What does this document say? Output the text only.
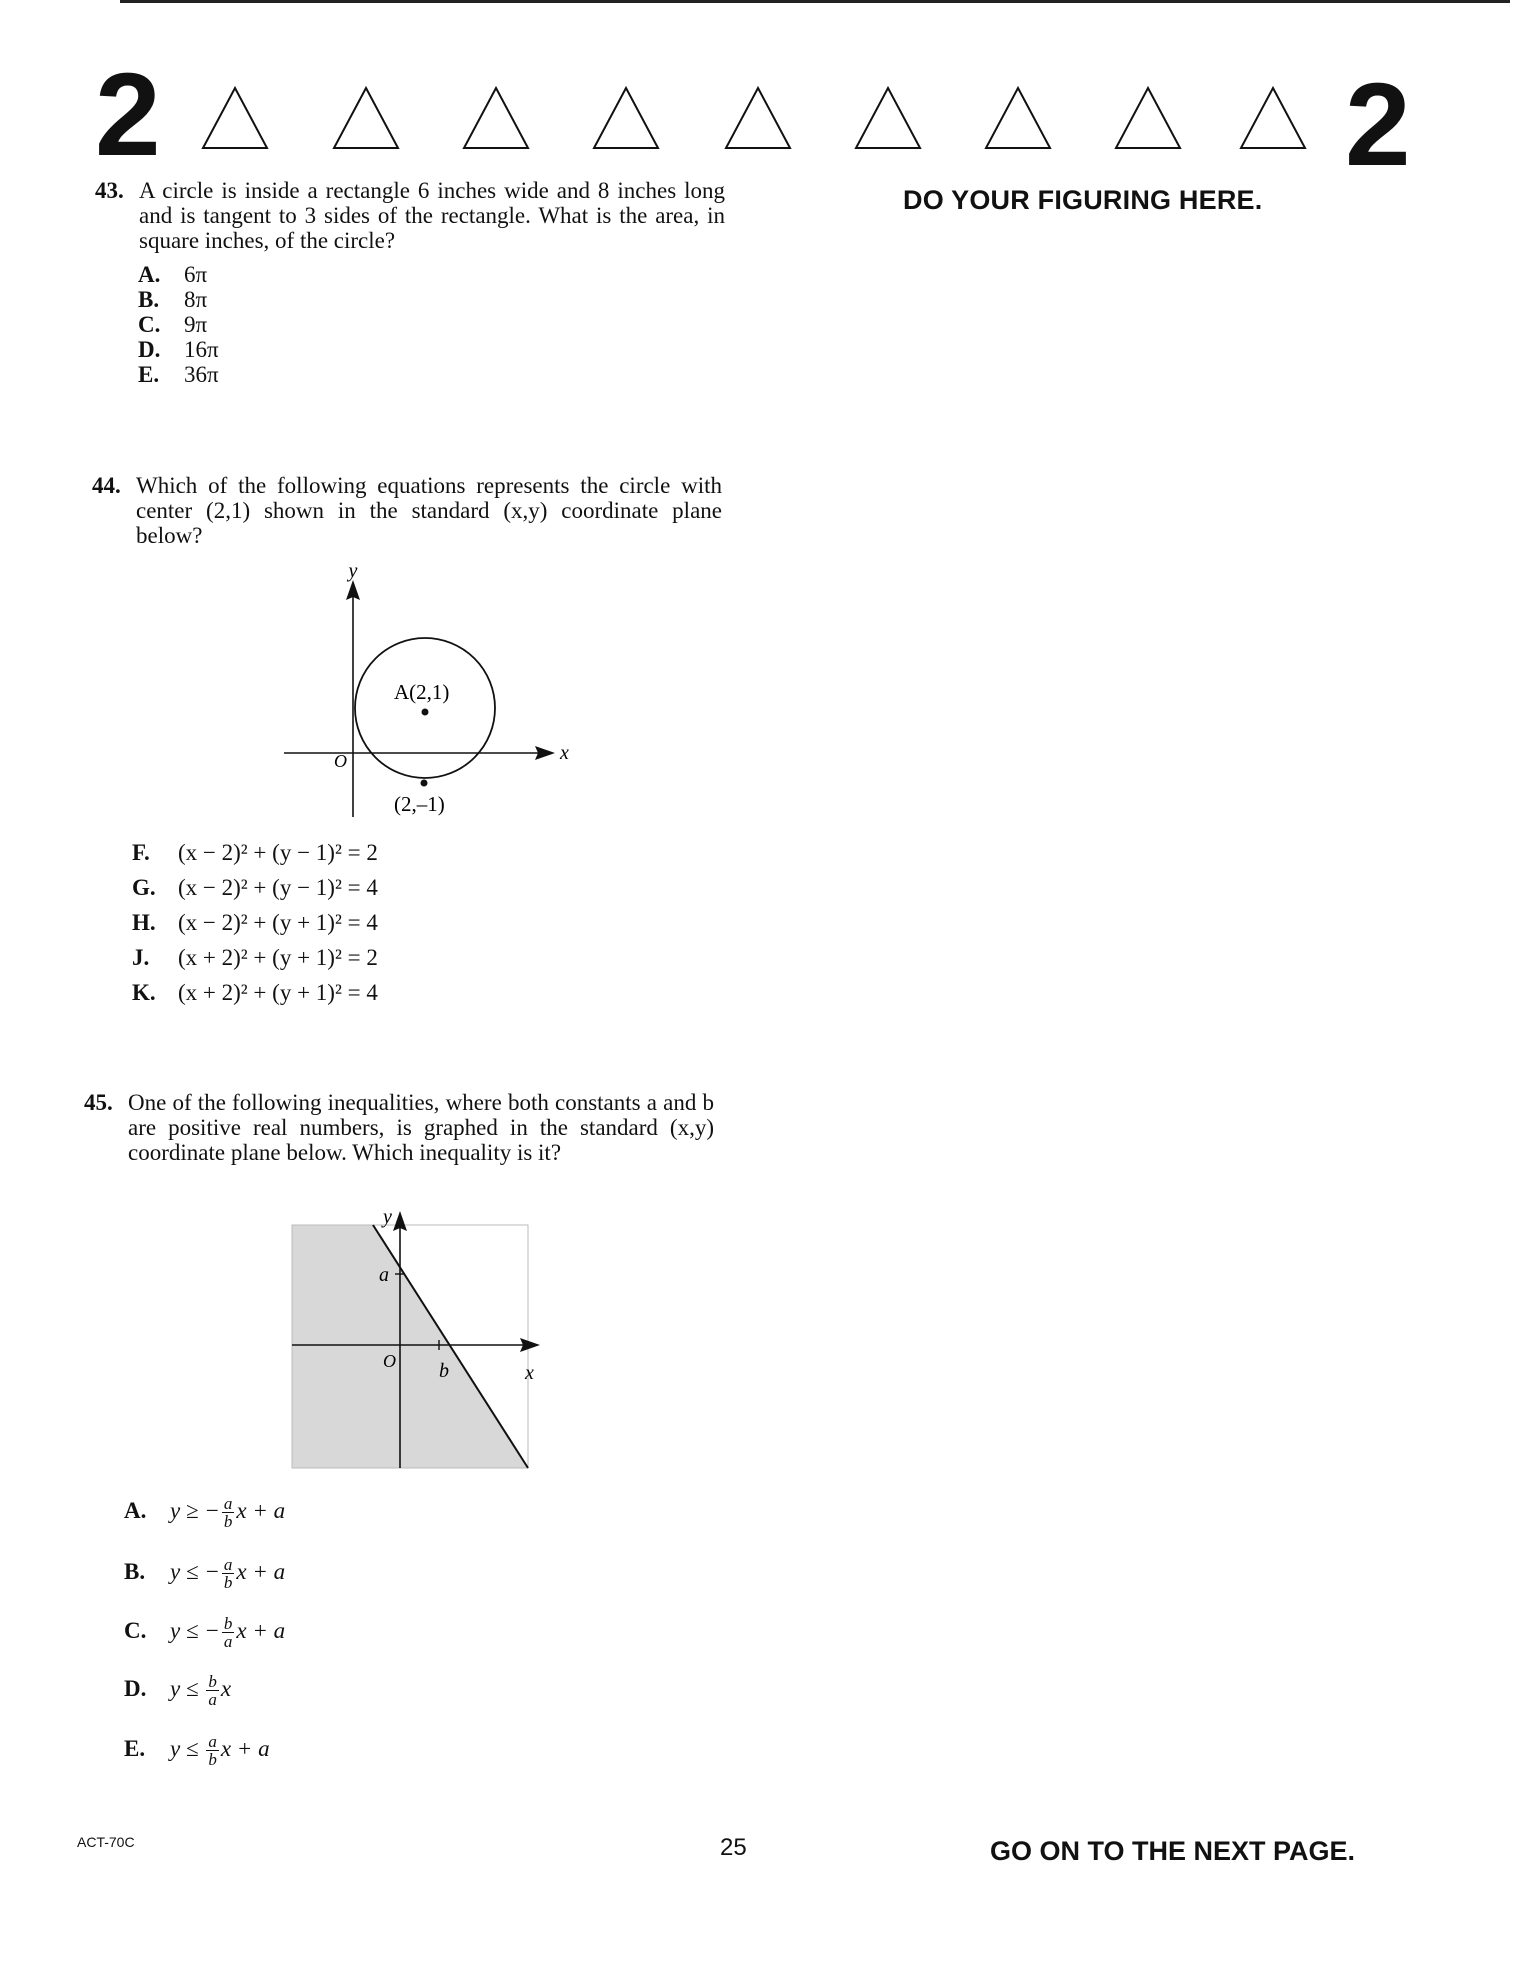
2	2
DO YOUR FIGURING HERE.
43. A circle is inside a rectangle 6 inches wide and 8 inches long and is tangent to 3 sides of the rectangle. What is the area, in square inches, of the circle?
A. 6π
B. 8π
C. 9π
D. 16π
E. 36π
44. Which of the following equations represents the circle with center (2,1) shown in the standard (x,y) coordinate plane below?
y
x
O
A(2,1)
(2,–1)
F. (x − 2)² + (y − 1)² = 2
G. (x − 2)² + (y − 1)² = 4
H. (x − 2)² + (y + 1)² = 4
J. (x + 2)² + (y + 1)² = 2
K. (x + 2)² + (y + 1)² = 4
45. One of the following inequalities, where both constants a and b are positive real numbers, is graphed in the standard (x,y) coordinate plane below. Which inequality is it?
y
x
O
a
b
A. y ≥ − $\frac{a}{b}$ x + a
B. y ≤ − $\frac{a}{b}$ x + a
C. y ≤ − $\frac{b}{a}$ x + a
D. $y \le \frac{b}{a}$ x
E. $y \le \frac{a}{b}$ x + a
ACT-70C	25	GO ON TO THE NEXT PAGE.
